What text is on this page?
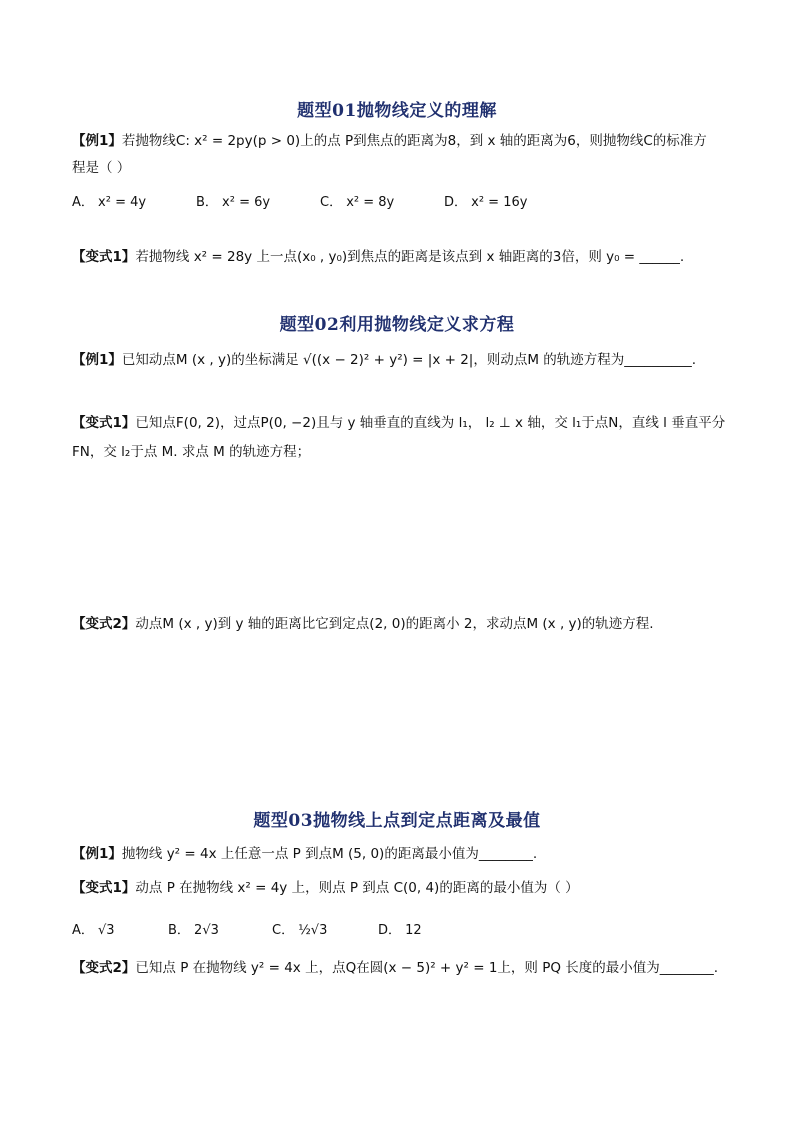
题型01抛物线定义的理解
【例1】若抛物线C: x² = 2py(p > 0)上的点 P到焦点的距离为8，到 x 轴的距离为6，则抛物线C的标准方
程是（ ）
A． x² = 4y	B． x² = 6y	C． x² = 8y	D． x² = 16y
【变式1】若抛物线 x² = 28y 上一点(x₀ , y₀)到焦点的距离是该点到 x 轴距离的3倍，则 y₀ = ______.
题型02利用抛物线定义求方程
【例1】已知动点M (x , y)的坐标满足 √((x − 2)² + y²) = |x + 2|，则动点M 的轨迹方程为__________.
【变式1】已知点F(0, 2)，过点P(0, −2)且与 y 轴垂直的直线为 l₁， l₂ ⊥ x 轴，交 l₁于点N，直线 l 垂直平分
FN，交 l₂于点 M. 求点 M 的轨迹方程；
【变式2】动点M (x , y)到 y 轴的距离比它到定点(2, 0)的距离小 2，求动点M (x , y)的轨迹方程.
题型03抛物线上点到定点距离及最值
【例1】抛物线 y² = 4x 上任意一点 P 到点M (5, 0)的距离最小值为________.
【变式1】动点 P 在抛物线 x² = 4y 上，则点 P 到点 C(0, 4)的距离的最小值为（ ）
A． √3	B． 2√3	C． ½√3	D． 12
【变式2】已知点 P 在抛物线 y² = 4x 上，点Q在圆(x − 5)² + y² = 1上，则 PQ 长度的最小值为________.
